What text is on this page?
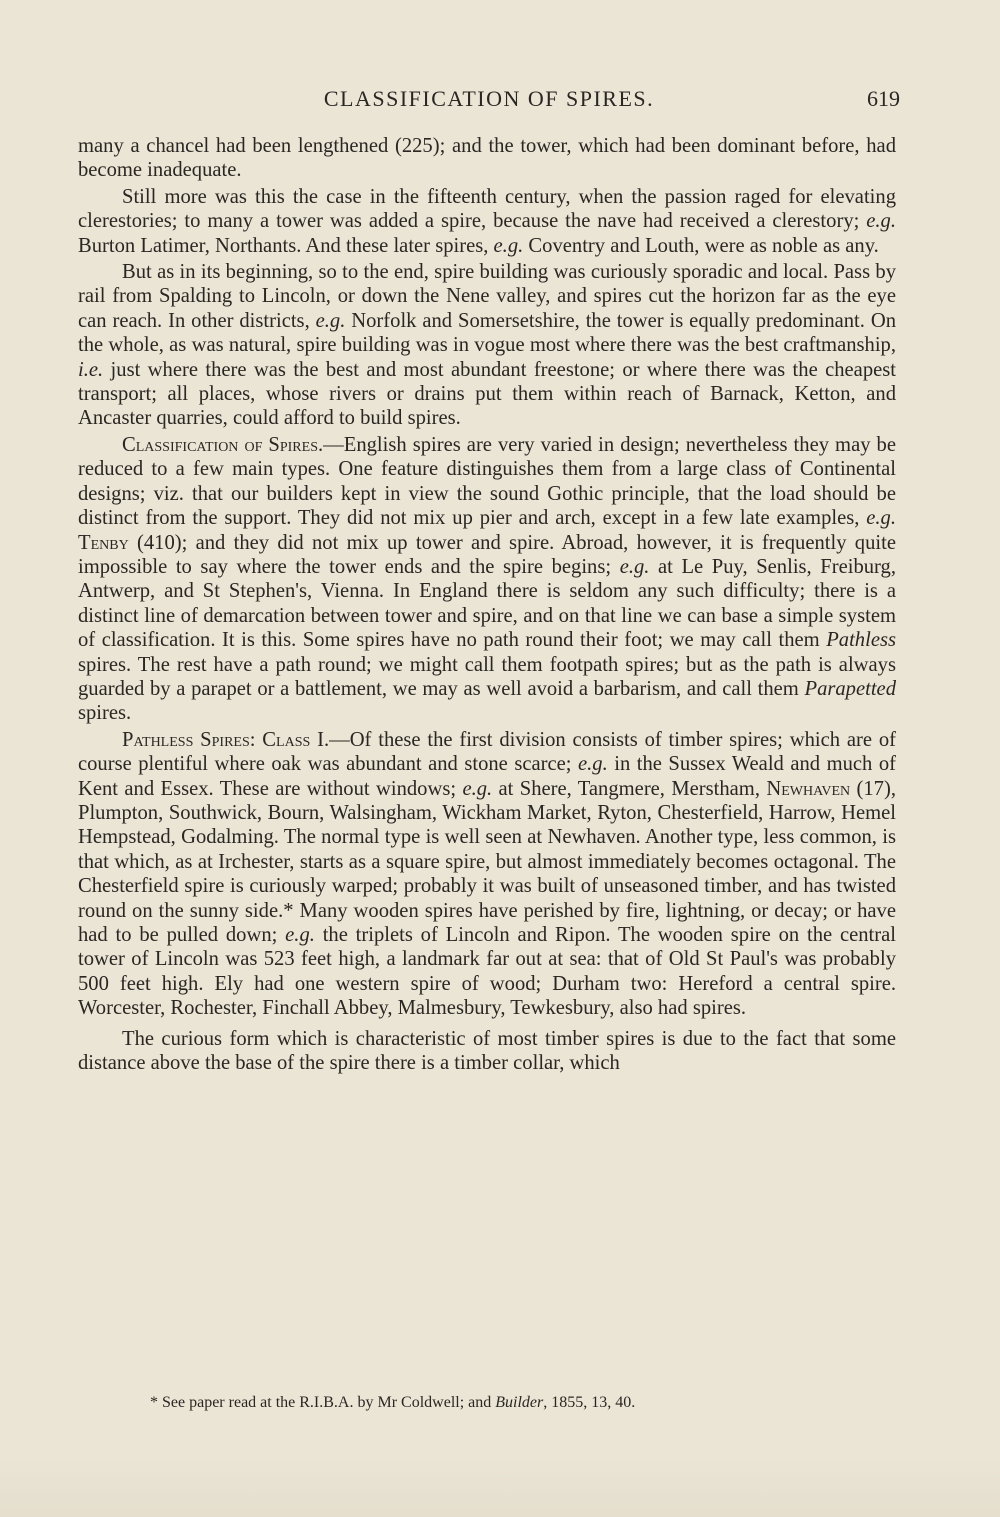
CLASSIFICATION OF SPIRES.	619

many a chancel had been lengthened (225); and the tower, which had been dominant before, had become inadequate.

Still more was this the case in the fifteenth century, when the passion raged for elevating clerestories; to many a tower was added a spire, because the nave had received a clerestory; e.g. Burton Latimer, Northants. And these later spires, e.g. Coventry and Louth, were as noble as any.

But as in its beginning, so to the end, spire building was curiously sporadic and local. Pass by rail from Spalding to Lincoln, or down the Nene valley, and spires cut the horizon far as the eye can reach. In other districts, e.g. Norfolk and Somersetshire, the tower is equally predominant. On the whole, as was natural, spire building was in vogue most where there was the best craftmanship, i.e. just where there was the best and most abundant freestone; or where there was the cheapest transport; all places, whose rivers or drains put them within reach of Barnack, Ketton, and Ancaster quarries, could afford to build spires.

Classification of Spires.—English spires are very varied in design; nevertheless they may be reduced to a few main types. One feature distinguishes them from a large class of Continental designs; viz. that our builders kept in view the sound Gothic principle, that the load should be distinct from the support. They did not mix up pier and arch, except in a few late examples, e.g. Tenby (410); and they did not mix up tower and spire. Abroad, however, it is frequently quite impossible to say where the tower ends and the spire begins; e.g. at Le Puy, Senlis, Freiburg, Antwerp, and St Stephen's, Vienna. In England there is seldom any such difficulty; there is a distinct line of demarcation between tower and spire, and on that line we can base a simple system of classification. It is this. Some spires have no path round their foot; we may call them Pathless spires. The rest have a path round; we might call them footpath spires; but as the path is always guarded by a parapet or a battlement, we may as well avoid a barbarism, and call them Parapetted spires.

Pathless Spires: Class I.—Of these the first division consists of timber spires; which are of course plentiful where oak was abundant and stone scarce; e.g. in the Sussex Weald and much of Kent and Essex. These are without windows; e.g. at Shere, Tangmere, Merstham, Newhaven (17), Plumpton, Southwick, Bourn, Walsingham, Wickham Market, Ryton, Chesterfield, Harrow, Hemel Hempstead, Godalming. The normal type is well seen at Newhaven. Another type, less common, is that which, as at Irchester, starts as a square spire, but almost immediately becomes octagonal. The Chesterfield spire is curiously warped; probably it was built of unseasoned timber, and has twisted round on the sunny side.* Many wooden spires have perished by fire, lightning, or decay; or have had to be pulled down; e.g. the triplets of Lincoln and Ripon. The wooden spire on the central tower of Lincoln was 523 feet high, a landmark far out at sea: that of Old St Paul's was probably 500 feet high. Ely had one western spire of wood; Durham two: Hereford a central spire. Worcester, Rochester, Finchall Abbey, Malmesbury, Tewkesbury, also had spires.

The curious form which is characteristic of most timber spires is due to the fact that some distance above the base of the spire there is a timber collar, which

* See paper read at the R.I.B.A. by Mr Coldwell; and Builder, 1855, 13, 40.
